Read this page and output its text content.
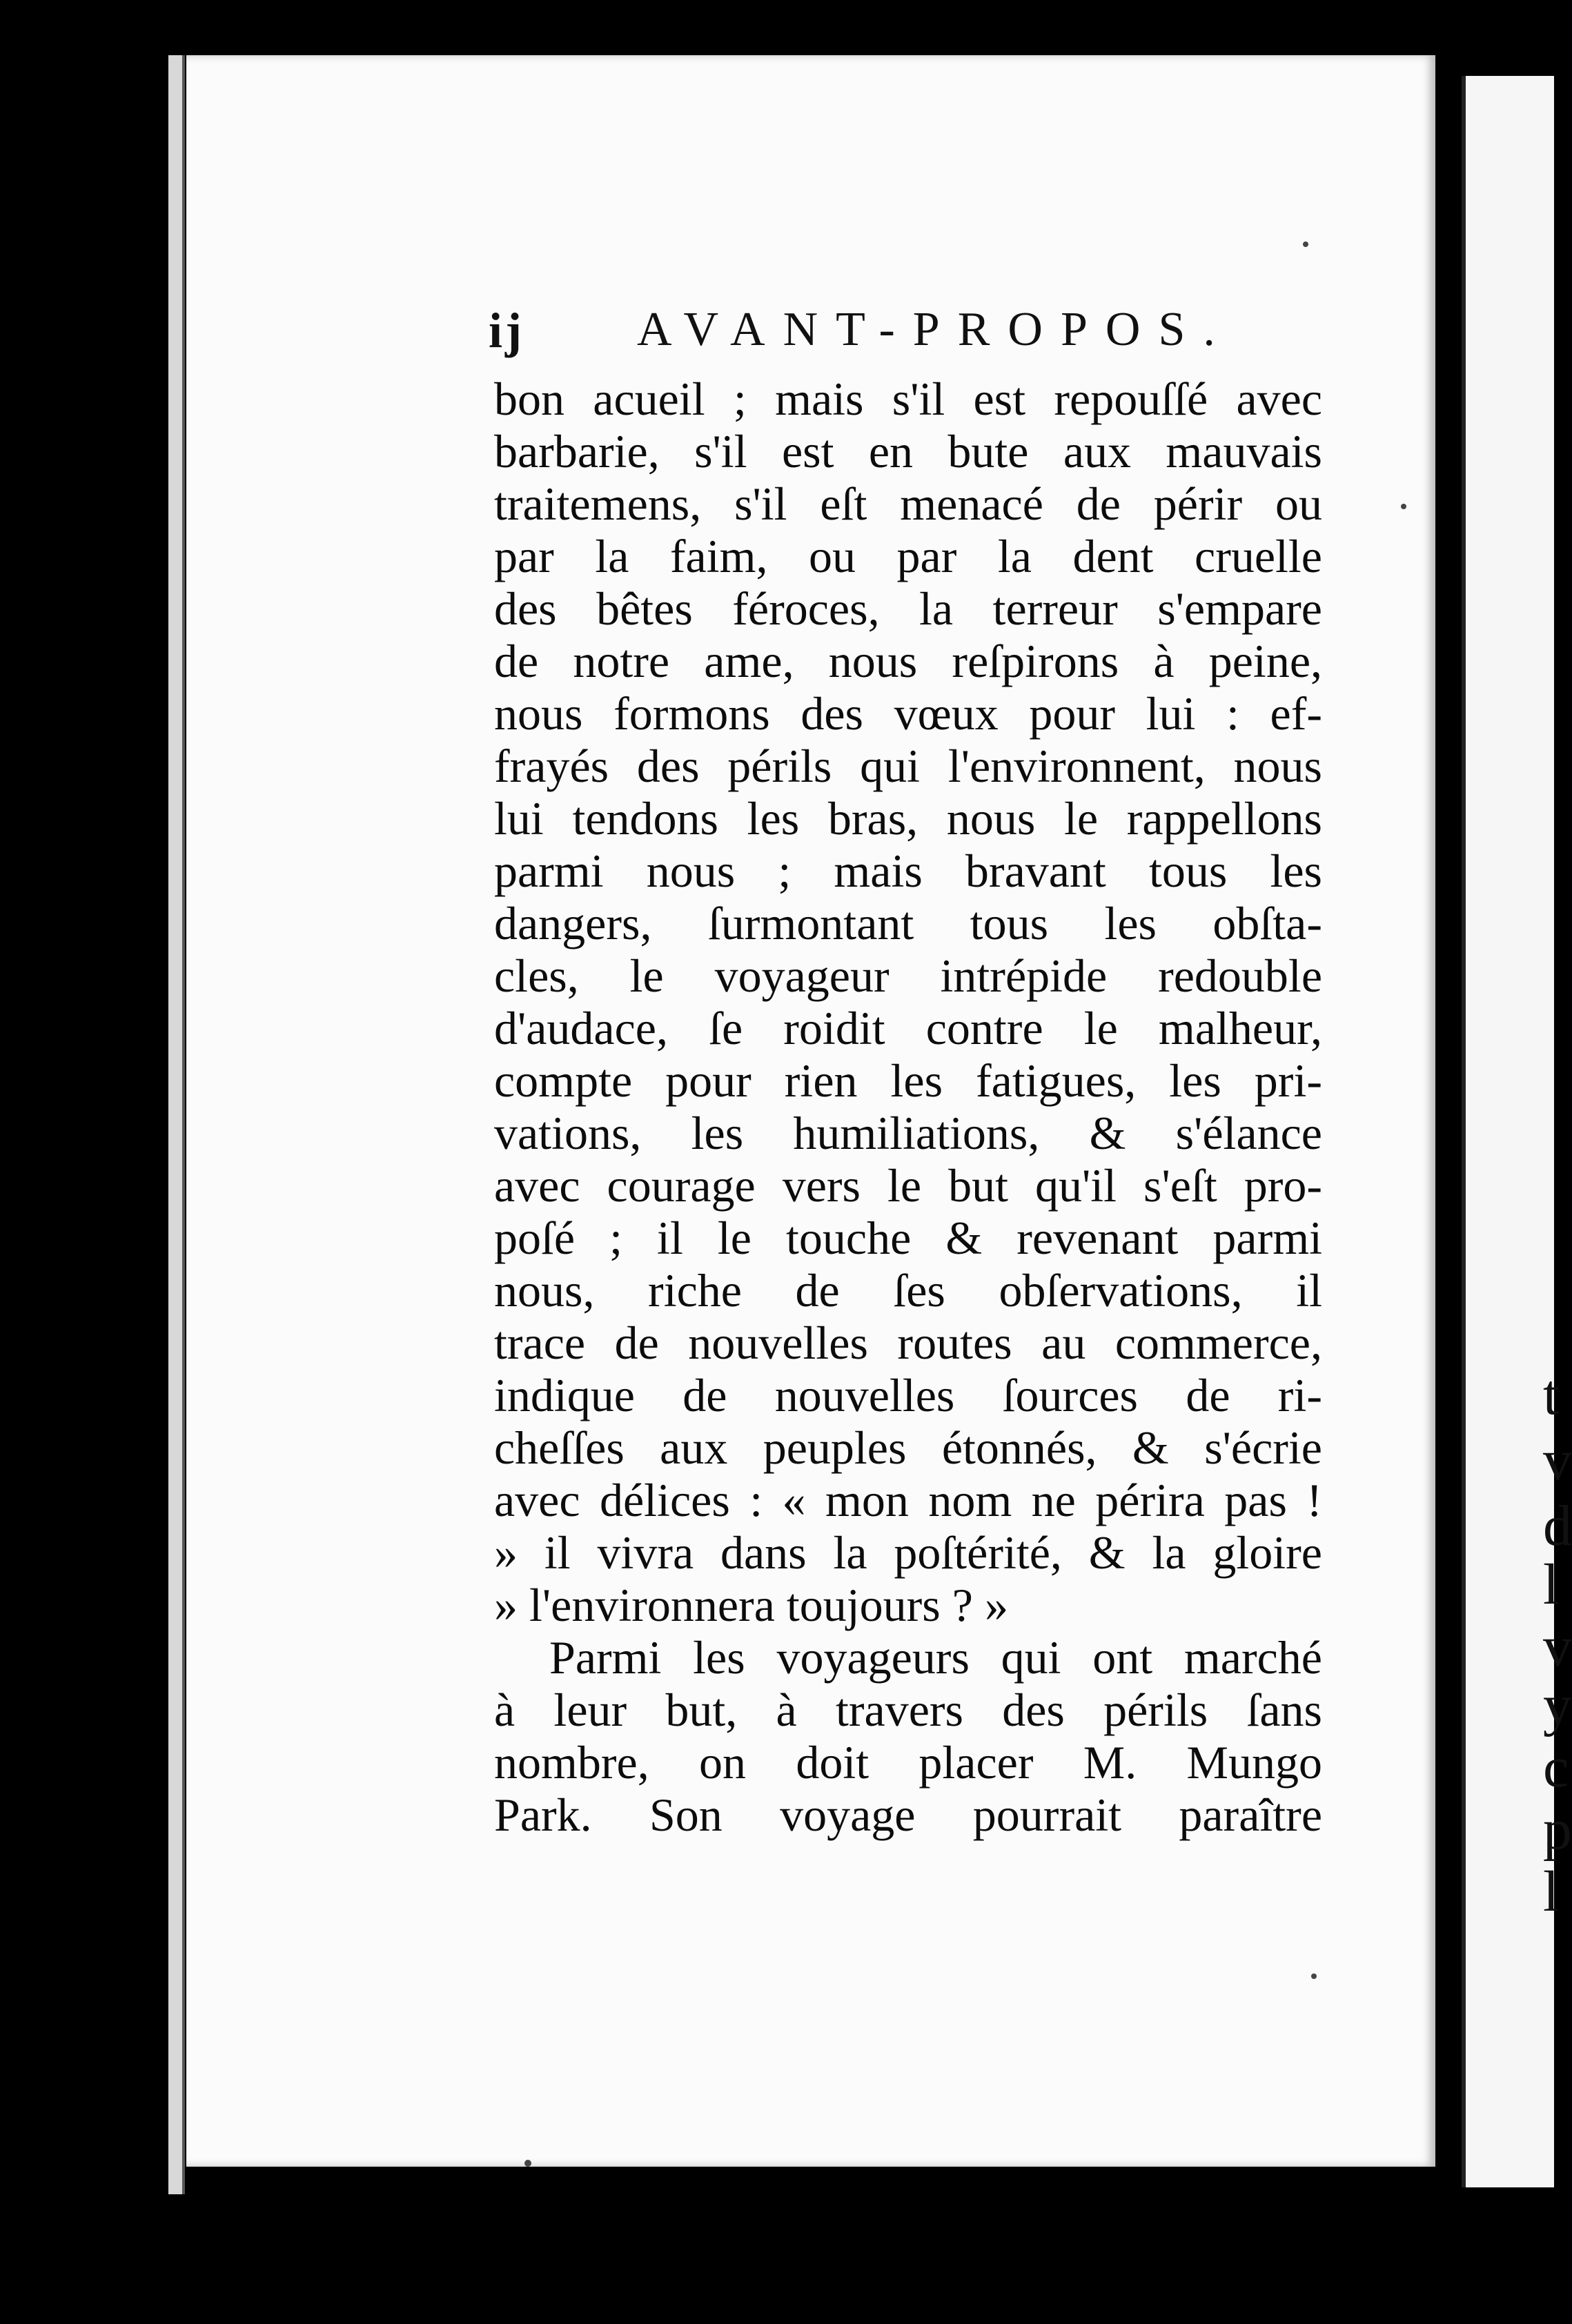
t
v
d
l
v
y
c
p
l
ij AVANT-PROPOS.
bon acueil ; mais s'il est repouſſé avec
barbarie, s'il est en bute aux mauvais
traitemens, s'il eſt menacé de périr ou
par la faim, ou par la dent cruelle
des bêtes féroces, la terreur s'empare
de notre ame, nous reſpirons à peine,
nous formons des vœux pour lui : ef-
frayés des périls qui l'environnent, nous
lui tendons les bras, nous le rappellons
parmi nous ; mais bravant tous les
dangers, ſurmontant tous les obſta-
cles, le voyageur intrépide redouble
d'audace, ſe roidit contre le malheur,
compte pour rien les fatigues, les pri-
vations, les humiliations, & s'élance
avec courage vers le but qu'il s'eſt pro-
poſé ; il le touche & revenant parmi
nous, riche de ſes obſervations, il
trace de nouvelles routes au commerce,
indique de nouvelles ſources de ri-
cheſſes aux peuples étonnés, & s'écrie
avec délices : « mon nom ne périra pas !
» il vivra dans la poſtérité, & la gloire
» l'environnera toujours ? »
Parmi les voyageurs qui ont marché
à leur but, à travers des périls ſans
nombre, on doit placer M. Mungo
Park. Son voyage pourrait paraître
